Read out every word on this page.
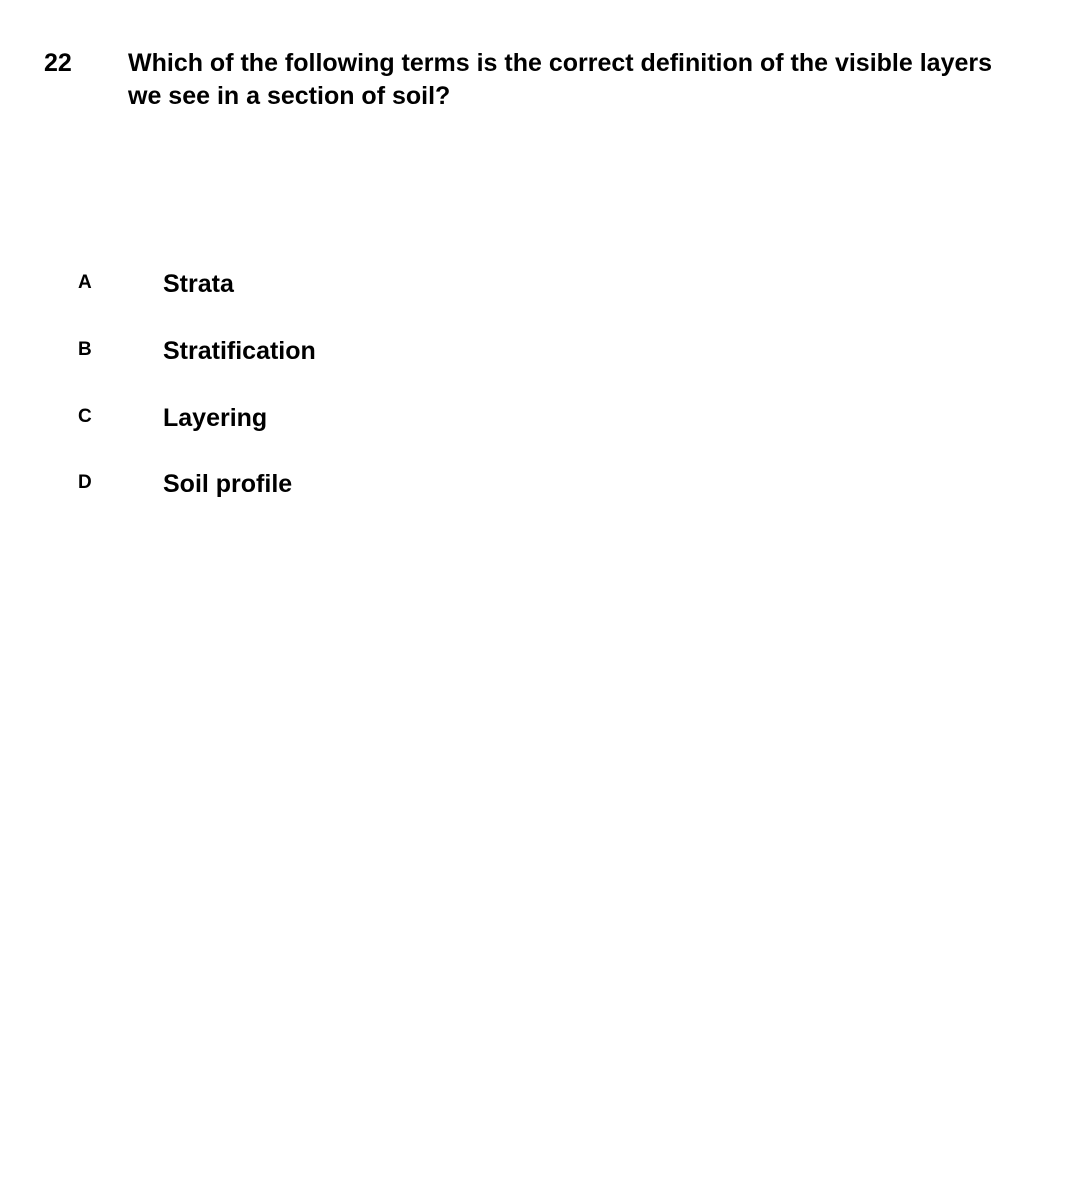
22 Which of the following terms is the correct definition of the visible layers we see in a section of soil?
A	Strata
B	Stratification
C	Layering
D	Soil profile
